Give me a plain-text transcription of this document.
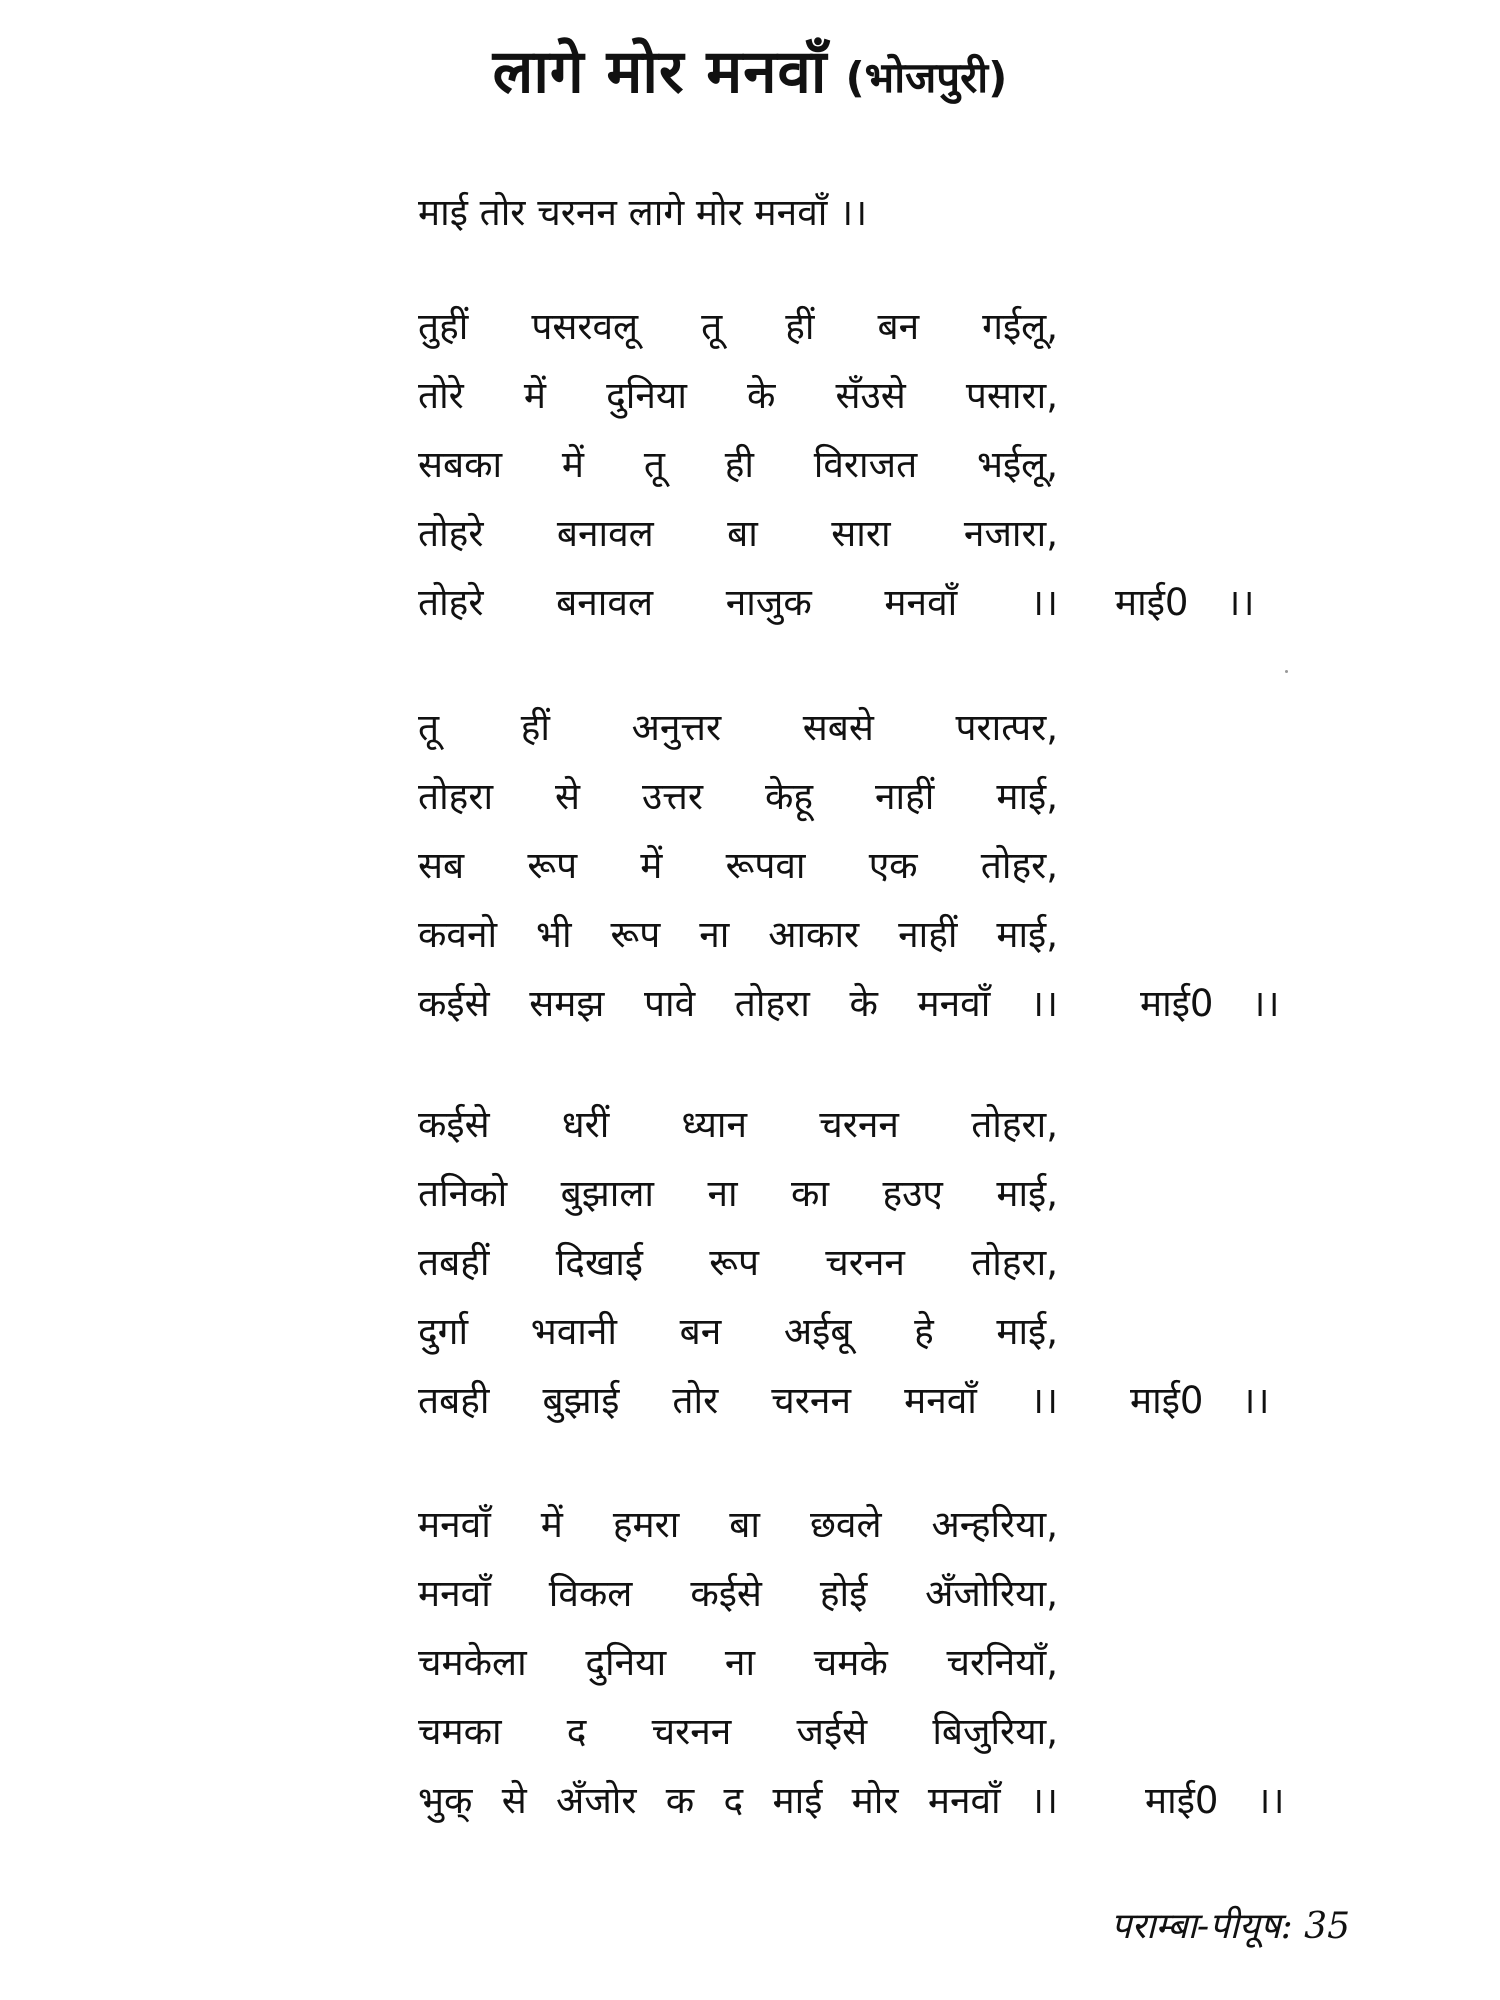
लागे मोर मनवाँ (भोजपुरी)
माई तोर चरनन लागे मोर मनवाँ ।।
तुहीं पसरवलू तू हीं बन गईलू,
तोरे में दुनिया के सँउसे पसारा,
सबका में तू ही विराजत भईलू,
तोहरे बनावल बा सारा नजारा,
तोहरे बनावल नाजुक मनवाँ ।। माई0 ।।
तू हीं अनुत्तर सबसे परात्पर,
तोहरा से उत्तर केहू नाहीं माई,
सब रूप में रूपवा एक तोहर,
कवनो भी रूप ना आकार नाहीं माई,
कईसे समझ पावे तोहरा के मनवाँ ।। माई0 ।।
कईसे धरीं ध्यान चरनन तोहरा,
तनिको बुझाला ना का हउए माई,
तबहीं दिखाई रूप चरनन तोहरा,
दुर्गा भवानी बन अईबू हे माई,
तबही बुझाई तोर चरनन मनवाँ ।। माई0 ।।
मनवाँ में हमरा बा छवले अन्हरिया,
मनवाँ विकल कईसे होई अँजोरिया,
चमकेला दुनिया ना चमके चरनियाँ,
चमका द चरनन जईसे बिजुरिया,
भुक् से अँजोर क द माई मोर मनवाँ ।। माई0 ।।
पराम्बा-पीयूष: 35
